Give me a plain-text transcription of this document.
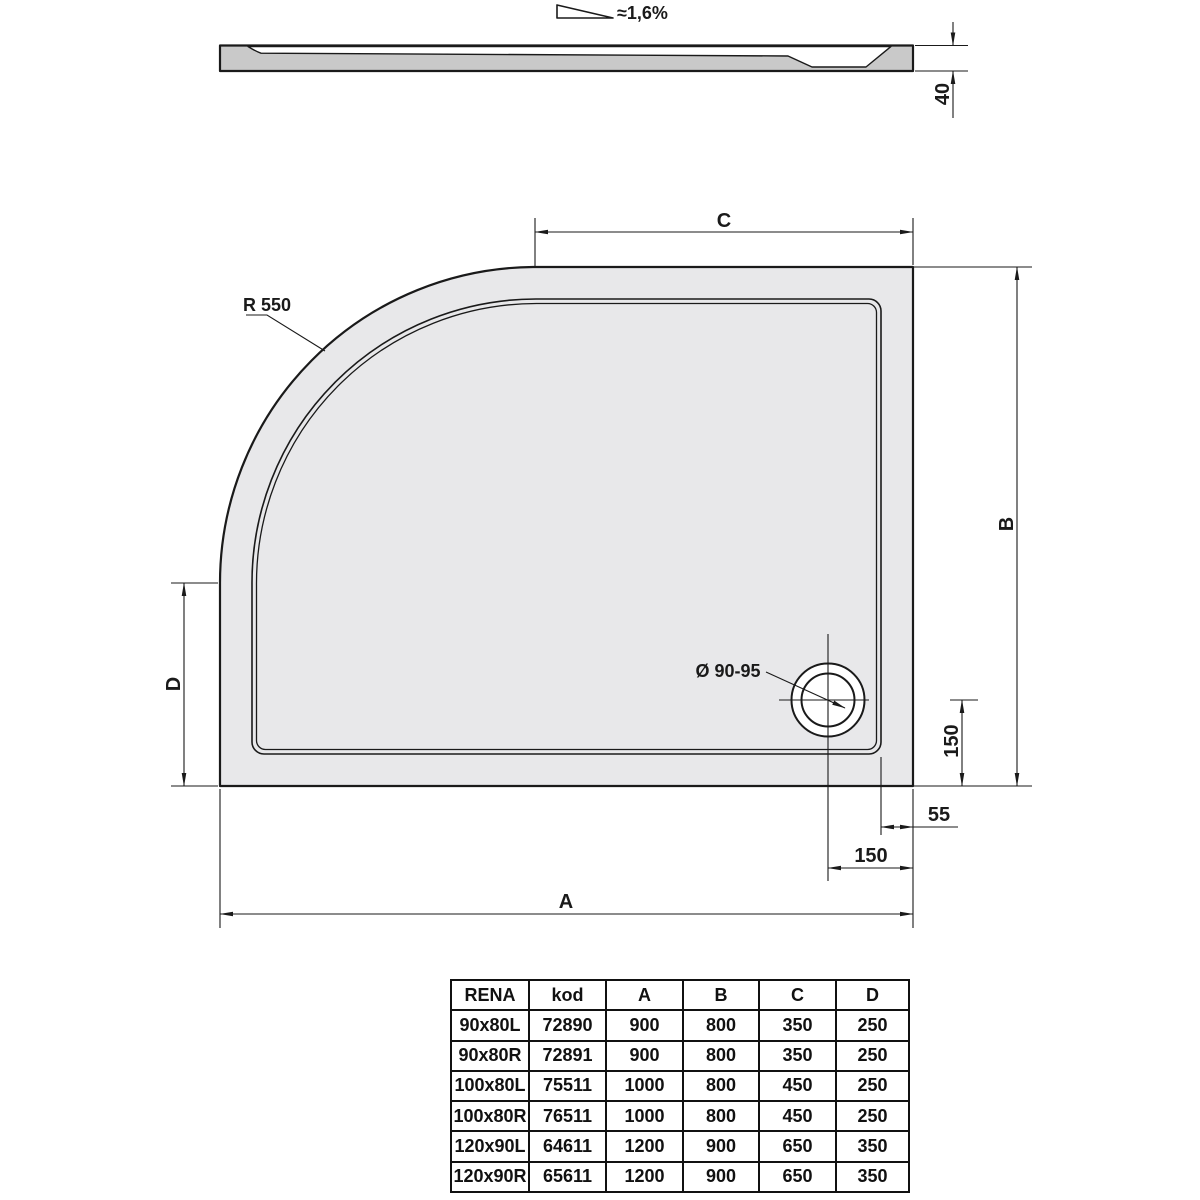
≈1,6%
40
Ø 90-95
R 550
C
B
D
150
55
150
A
RENA	kod	A	B	C	D
90x80L	72890	900	800	350	250
90x80R	72891	900	800	350	250
100x80L	75511	1000	800	450	250
100x80R	76511	1000	800	450	250
120x90L	64611	1200	900	650	350
120x90R	65611	1200	900	650	350
